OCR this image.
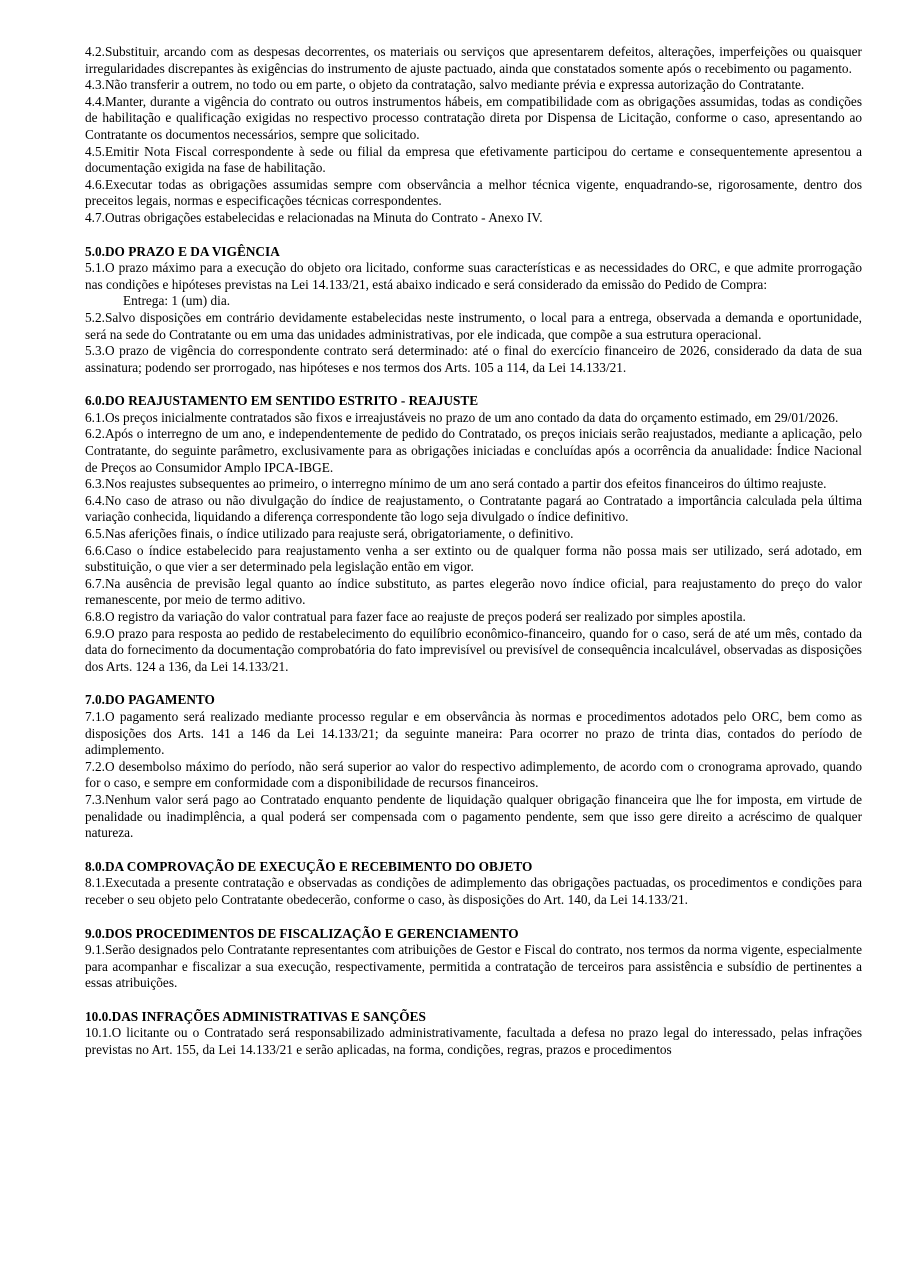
4.2.Substituir, arcando com as despesas decorrentes, os materiais ou serviços que apresentarem defeitos, alterações, imperfeições ou quaisquer irregularidades discrepantes às exigências do instrumento de ajuste pactuado, ainda que constatados somente após o recebimento ou pagamento.

4.3.Não transferir a outrem, no todo ou em parte, o objeto da contratação, salvo mediante prévia e expressa autorização do Contratante.

4.4.Manter, durante a vigência do contrato ou outros instrumentos hábeis, em compatibilidade com as obrigações assumidas, todas as condições de habilitação e qualificação exigidas no respectivo processo contratação direta por Dispensa de Licitação, conforme o caso, apresentando ao Contratante os documentos necessários, sempre que solicitado.

4.5.Emitir Nota Fiscal correspondente à sede ou filial da empresa que efetivamente participou do certame e consequentemente apresentou a documentação exigida na fase de habilitação.

4.6.Executar todas as obrigações assumidas sempre com observância a melhor técnica vigente, enquadrando-se, rigorosamente, dentro dos preceitos legais, normas e especificações técnicas correspondentes.

4.7.Outras obrigações estabelecidas e relacionadas na Minuta do Contrato - Anexo IV.

5.0.DO PRAZO E DA VIGÊNCIA

5.1.O prazo máximo para a execução do objeto ora licitado, conforme suas características e as necessidades do ORC, e que admite prorrogação nas condições e hipóteses previstas na Lei 14.133/21, está abaixo indicado e será considerado da emissão do Pedido de Compra:

Entrega: 1 (um) dia.

5.2.Salvo disposições em contrário devidamente estabelecidas neste instrumento, o local para a entrega, observada a demanda e oportunidade, será na sede do Contratante ou em uma das unidades administrativas, por ele indicada, que compõe a sua estrutura operacional.

5.3.O prazo de vigência do correspondente contrato será determinado: até o final do exercício financeiro de 2026, considerado da data de sua assinatura; podendo ser prorrogado, nas hipóteses e nos termos dos Arts. 105 a 114, da Lei 14.133/21.

6.0.DO REAJUSTAMENTO EM SENTIDO ESTRITO - REAJUSTE

6.1.Os preços inicialmente contratados são fixos e irreajustáveis no prazo de um ano contado da data do orçamento estimado, em 29/01/2026.

6.2.Após o interregno de um ano, e independentemente de pedido do Contratado, os preços iniciais serão reajustados, mediante a aplicação, pelo Contratante, do seguinte parâmetro, exclusivamente para as obrigações iniciadas e concluídas após a ocorrência da anualidade: Índice Nacional de Preços ao Consumidor Amplo IPCA-IBGE.

6.3.Nos reajustes subsequentes ao primeiro, o interregno mínimo de um ano será contado a partir dos efeitos financeiros do último reajuste.

6.4.No caso de atraso ou não divulgação do índice de reajustamento, o Contratante pagará ao Contratado a importância calculada pela última variação conhecida, liquidando a diferença correspondente tão logo seja divulgado o índice definitivo.

6.5.Nas aferições finais, o índice utilizado para reajuste será, obrigatoriamente, o definitivo.

6.6.Caso o índice estabelecido para reajustamento venha a ser extinto ou de qualquer forma não possa mais ser utilizado, será adotado, em substituição, o que vier a ser determinado pela legislação então em vigor.

6.7.Na ausência de previsão legal quanto ao índice substituto, as partes elegerão novo índice oficial, para reajustamento do preço do valor remanescente, por meio de termo aditivo.

6.8.O registro da variação do valor contratual para fazer face ao reajuste de preços poderá ser realizado por simples apostila.

6.9.O prazo para resposta ao pedido de restabelecimento do equilíbrio econômico-financeiro, quando for o caso, será de até um mês, contado da data do fornecimento da documentação comprobatória do fato imprevisível ou previsível de consequência incalculável, observadas as disposições dos Arts. 124 a 136, da Lei 14.133/21.

7.0.DO PAGAMENTO

7.1.O pagamento será realizado mediante processo regular e em observância às normas e procedimentos adotados pelo ORC, bem como as disposições dos Arts. 141 a 146 da Lei 14.133/21; da seguinte maneira: Para ocorrer no prazo de trinta dias, contados do período de adimplemento.

7.2.O desembolso máximo do período, não será superior ao valor do respectivo adimplemento, de acordo com o cronograma aprovado, quando for o caso, e sempre em conformidade com a disponibilidade de recursos financeiros.

7.3.Nenhum valor será pago ao Contratado enquanto pendente de liquidação qualquer obrigação financeira que lhe for imposta, em virtude de penalidade ou inadimplência, a qual poderá ser compensada com o pagamento pendente, sem que isso gere direito a acréscimo de qualquer natureza.

8.0.DA COMPROVAÇÃO DE EXECUÇÃO E RECEBIMENTO DO OBJETO

8.1.Executada a presente contratação e observadas as condições de adimplemento das obrigações pactuadas, os procedimentos e condições para receber o seu objeto pelo Contratante obedecerão, conforme o caso, às disposições do Art. 140, da Lei 14.133/21.

9.0.DOS PROCEDIMENTOS DE FISCALIZAÇÃO E GERENCIAMENTO

9.1.Serão designados pelo Contratante representantes com atribuições de Gestor e Fiscal do contrato, nos termos da norma vigente, especialmente para acompanhar e fiscalizar a sua execução, respectivamente, permitida a contratação de terceiros para assistência e subsídio de pertinentes a essas atribuições.

10.0.DAS INFRAÇÕES ADMINISTRATIVAS E SANÇÕES

10.1.O licitante ou o Contratado será responsabilizado administrativamente, facultada a defesa no prazo legal do interessado, pelas infrações previstas no Art. 155, da Lei 14.133/21 e serão aplicadas, na forma, condições, regras, prazos e procedimentos
